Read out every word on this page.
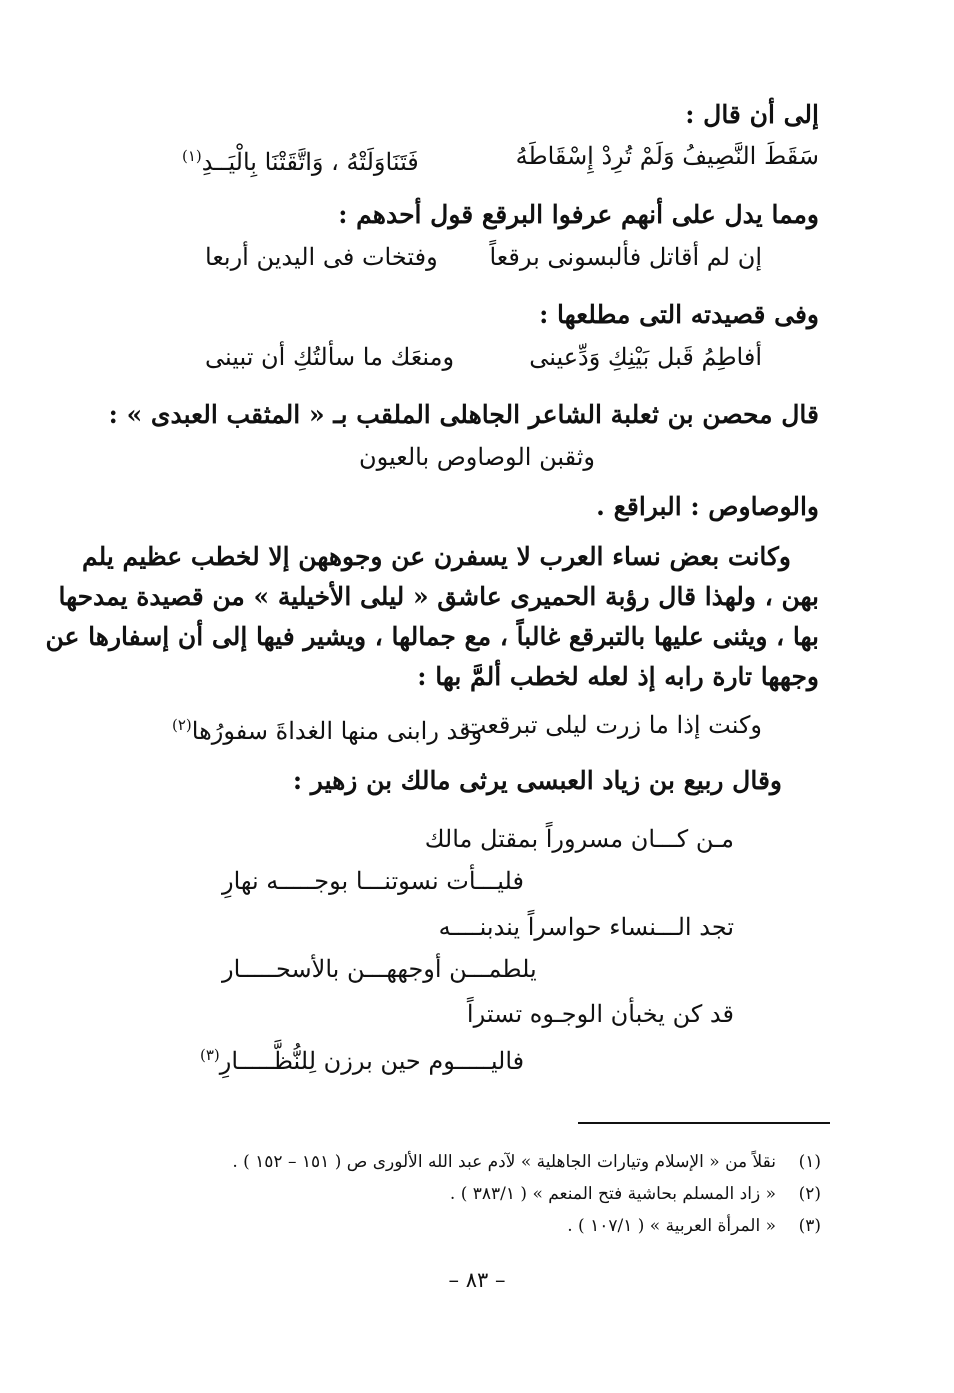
إلى أن قال :
سَقَطَ النَّصِيفُ وَلَمْ تُرِدْ إِسْقَاطَهُ
فَتَنَاوَلَتْهُ ، وَاتَّقَتْنَا بِالْيَــدِ$^{(١)}$
ومما يدل على أنهم عرفوا البرقع قول أحدهم :
إن لم أقاتل فألبسونى برقعاً
وفتخات فى اليدين أربعا
وفى قصيدته التى مطلعها :
أفاطِمُ قَبل بَيْنِكِ وَدِّعينى
ومنعَك ما سألتُكِ أن تبينى
قال محصن بن ثعلبة الشاعر الجاهلى الملقب بـ « المثقب العبدى » :
وثقبن الوصاوص بالعيون
والوصاوص : البراقع .
وكانت بعض نساء العرب لا يسفرن عن وجوههن إلا لخطب عظيم يلم
بهن ، ولهذا قال رؤبة الحميرى عاشق « ليلى الأخيلية » من قصيدة يمدحها
بها ، ويثنى عليها بالتبرقع غالباً ، مع جمالها ، ويشير فيها إلى أن إسفارها عن
وجهها تارة رابه إذ لعله لخطب ألمَّ بها :
وكنت إذا ما زرت ليلى تبرقعت
وقد رابنى منها الغداةَ سفورُها$^{(٢)}$
وقال ربيع بن زياد العبسى يرثى مالك بن زهير :
مـن كـــان مسروراً بمقتل مالك
فليـــأت نسوتنـــا بوجـــــه نهارِ
تجد الـــنساء حواسراً يندبنــــه
يلطمـــن أوجههـــن بالأسحـــــار
قد كن يخبأن الوجـوه تستراً
فاليـــــوم حين برزن لِلنُّظَّـــــارِ$^{(٣)}$
(١)نقلاً من « الإسلام وتيارات الجاهلية » لآدم عبد الله الألورى ص ( ١٥١ – ١٥٢ ) .
(٢)« زاد المسلم بحاشية فتح المنعم » ( ٣٨٣/١ ) .
(٣)« المرأة العربية » ( ١٠٧/١ ) .
– ٨٣ –
